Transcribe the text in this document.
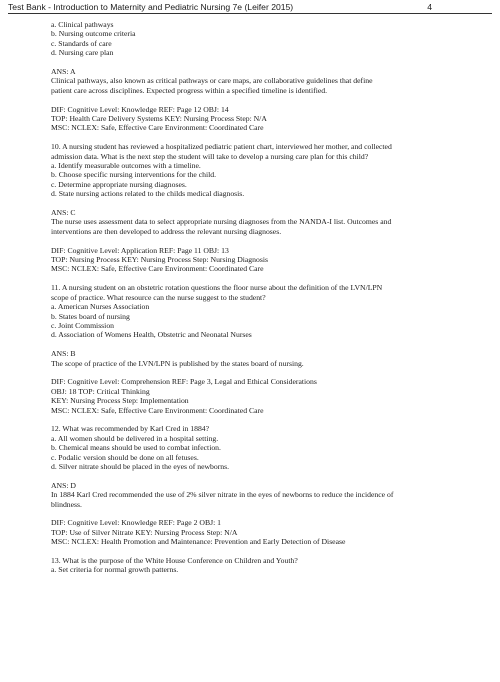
Test Bank - Introduction to Maternity and Pediatric Nursing 7e (Leifer 2015)	4

a. Clinical pathways

b. Nursing outcome criteria

c. Standards of care

d. Nursing care plan

ANS: A

Clinical pathways, also known as critical pathways or care maps, are collaborative guidelines that define

patient care across disciplines. Expected progress within a specified timeline is identified.

DIF: Cognitive Level: Knowledge REF: Page 12 OBJ: 14

TOP: Health Care Delivery Systems KEY: Nursing Process Step: N/A

MSC: NCLEX: Safe, Effective Care Environment: Coordinated Care

10. A nursing student has reviewed a hospitalized pediatric patient chart, interviewed her mother, and collected

admission data. What is the next step the student will take to develop a nursing care plan for this child?

a. Identify measurable outcomes with a timeline.

b. Choose specific nursing interventions for the child.

c. Determine appropriate nursing diagnoses.

d. State nursing actions related to the childs medical diagnosis.

ANS: C

The nurse uses assessment data to select appropriate nursing diagnoses from the NANDA-I list. Outcomes and

interventions are then developed to address the relevant nursing diagnoses.

DIF: Cognitive Level: Application REF: Page 11 OBJ: 13

TOP: Nursing Process KEY: Nursing Process Step: Nursing Diagnosis

MSC: NCLEX: Safe, Effective Care Environment: Coordinated Care

11. A nursing student on an obstetric rotation questions the floor nurse about the definition of the LVN/LPN

scope of practice. What resource can the nurse suggest to the student?

a. American Nurses Association

b. States board of nursing

c. Joint Commission

d. Association of Womens Health, Obstetric and Neonatal Nurses

ANS: B

The scope of practice of the LVN/LPN is published by the states board of nursing.

DIF: Cognitive Level: Comprehension REF: Page 3, Legal and Ethical Considerations

OBJ: 18 TOP: Critical Thinking

KEY: Nursing Process Step: Implementation

MSC: NCLEX: Safe, Effective Care Environment: Coordinated Care

12. What was recommended by Karl Cred in 1884?

a. All women should be delivered in a hospital setting.

b. Chemical means should be used to combat infection.

c. Podalic version should be done on all fetuses.

d. Silver nitrate should be placed in the eyes of newborns.

ANS: D

In 1884 Karl Cred recommended the use of 2% silver nitrate in the eyes of newborns to reduce the incidence of

blindness.

DIF: Cognitive Level: Knowledge REF: Page 2 OBJ: 1

TOP: Use of Silver Nitrate KEY: Nursing Process Step: N/A

MSC: NCLEX: Health Promotion and Maintenance: Prevention and Early Detection of Disease

13. What is the purpose of the White House Conference on Children and Youth?

a. Set criteria for normal growth patterns.
